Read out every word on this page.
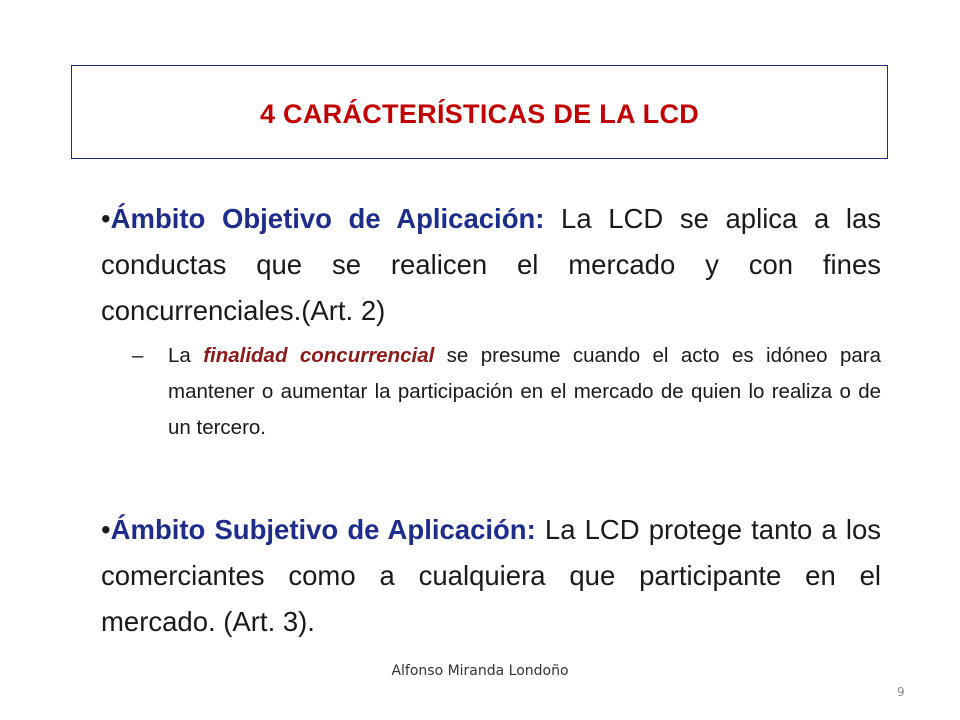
4 CARÁCTERÍSTICAS DE LA LCD
•Ámbito Objetivo de Aplicación: La LCD se aplica a las conductas que se realicen el mercado y con fines concurrenciales.(Art. 2)
– La finalidad concurrencial se presume cuando el acto es idóneo para mantener o aumentar la participación en el mercado de quien lo realiza o de un tercero.
•Ámbito Subjetivo de Aplicación: La LCD protege tanto a los comerciantes como a cualquiera que participante en el mercado. (Art. 3).
Alfonso Miranda Londoño
9
